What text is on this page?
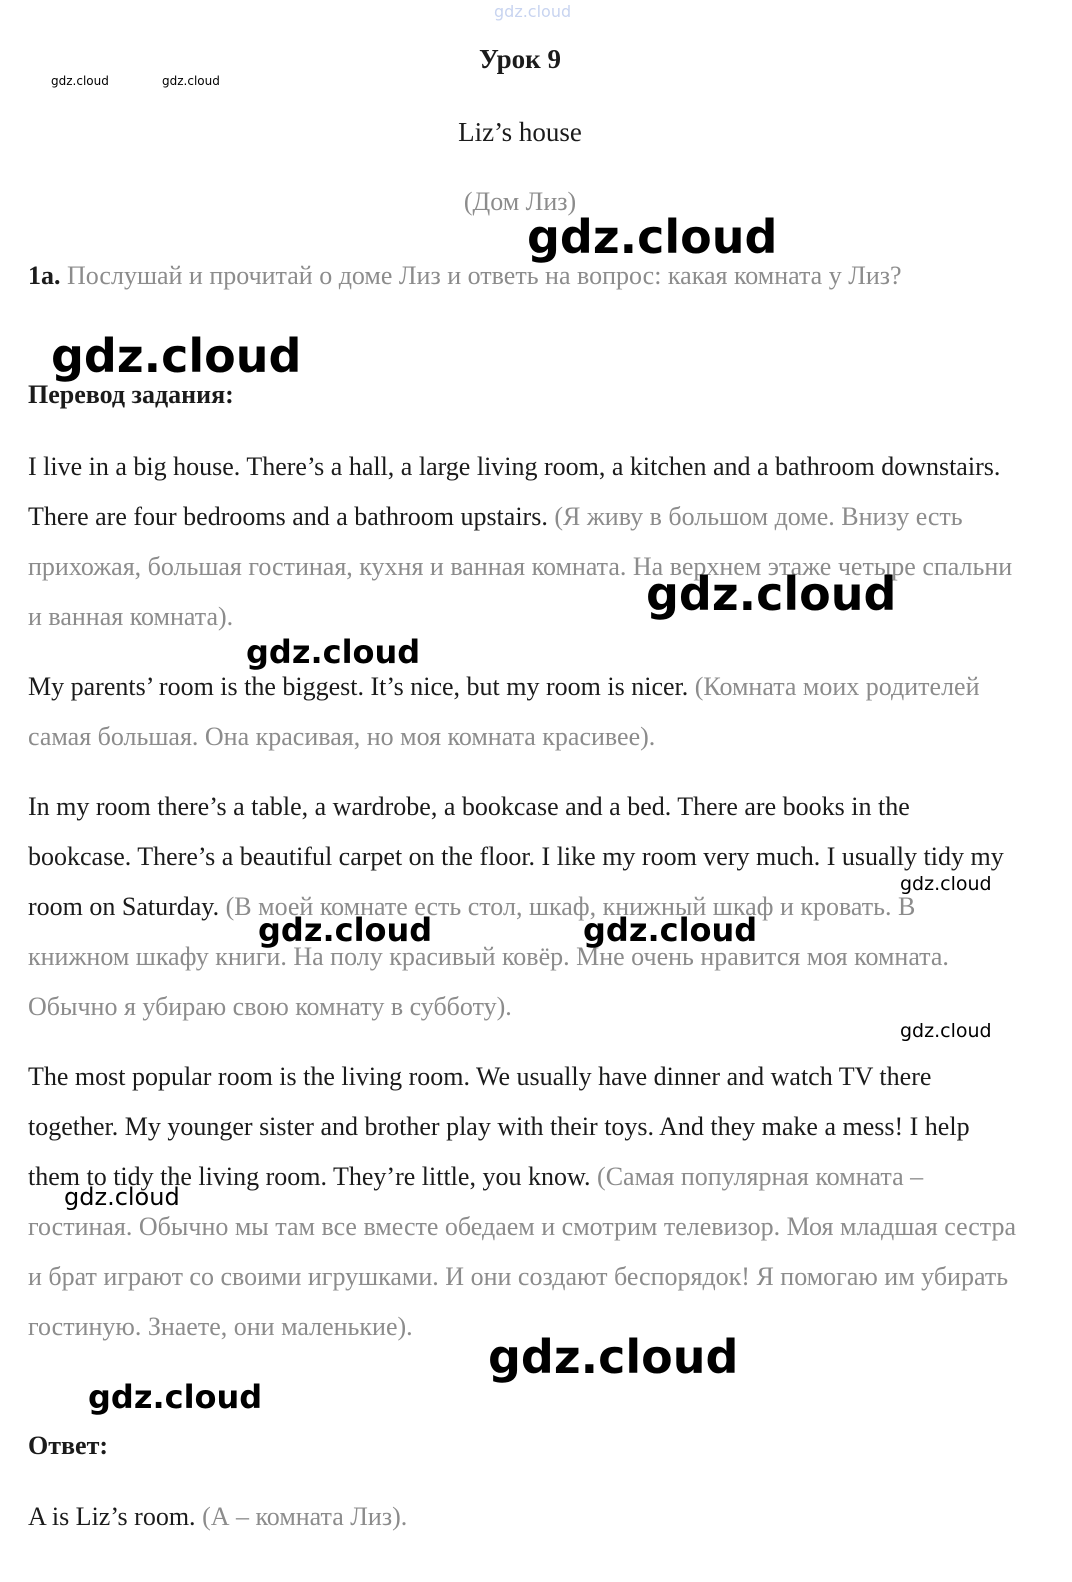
gdz.cloud
gdz.cloud	gdz.cloud
Урок 9
Liz’s house
(Дом Лиз)
1a. Послушай и прочитай о доме Лиз и ответь на вопрос: какая комната у Лиз?
Перевод задания:
I live in a big house. There’s a hall, a large living room, a kitchen and a bathroom downstairs. There are four bedrooms and a bathroom upstairs. (Я живу в большом доме. Внизу есть прихожая, большая гостиная, кухня и ванная комната. На верхнем этаже четыре спальни и ванная комната).
My parents’ room is the biggest. It’s nice, but my room is nicer. (Комната моих родителей самая большая. Она красивая, но моя комната красивее).
In my room there’s a table, a wardrobe, a bookcase and a bed. There are books in the bookcase. There’s a beautiful carpet on the floor. I like my room very much. I usually tidy my room on Saturday. (В моей комнате есть стол, шкаф, книжный шкаф и кровать. В книжном шкафу книги. На полу красивый ковёр. Мне очень нравится моя комната. Обычно я убираю свою комнату в субботу).
The most popular room is the living room. We usually have dinner and watch TV there together. My younger sister and brother play with their toys. And they make a mess! I help them to tidy the living room. They’re little, you know. (Самая популярная комната – гостиная. Обычно мы там все вместе обедаем и смотрим телевизор. Моя младшая сестра и брат играют со своими игрушками. И они создают беспорядок! Я помогаю им убирать гостиную. Знаете, они маленькие).
Ответ:
A is Liz’s room. (А – комната Лиз).
gdz.cloud
gdz.cloud
gdz.cloud
gdz.cloud
gdz.cloud
gdz.cloud	gdz.cloud
gdz.cloud
gdz.cloud
gdz.cloud
gdz.cloud
